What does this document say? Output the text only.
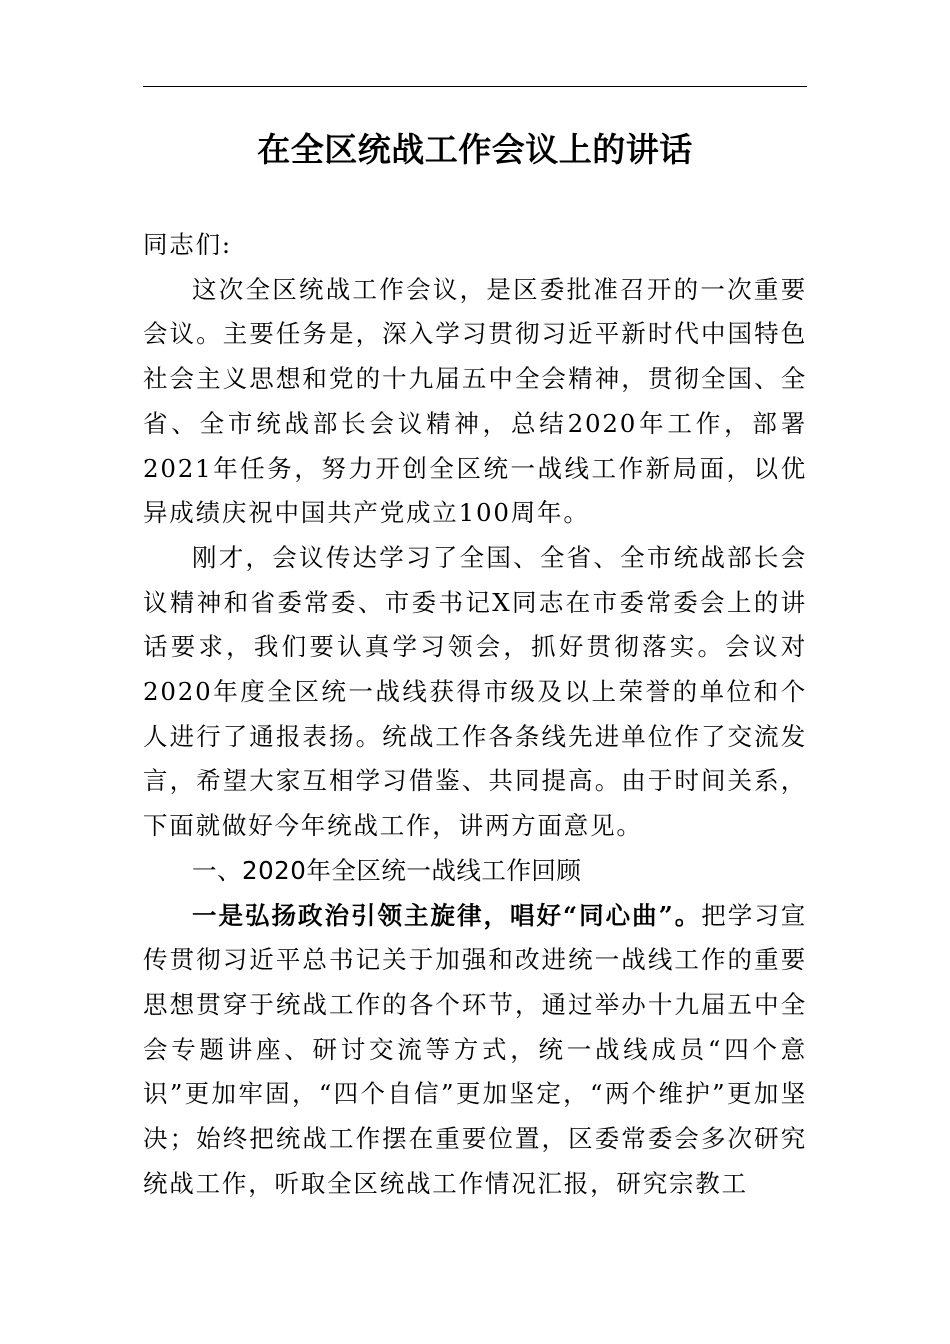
在全区统战工作会议上的讲话

同志们:

这次全区统战工作会议，是区委批准召开的一次重要会议。主要任务是，深入学习贯彻习近平新时代中国特色社会主义思想和党的十九届五中全会精神，贯彻全国、全省、全市统战部长会议精神，总结2020年工作，部署2021年任务，努力开创全区统一战线工作新局面，以优异成绩庆祝中国共产党成立100周年。

刚才，会议传达学习了全国、全省、全市统战部长会议精神和省委常委、市委书记X同志在市委常委会上的讲话要求，我们要认真学习领会，抓好贯彻落实。会议对2020年度全区统一战线获得市级及以上荣誉的单位和个人进行了通报表扬。统战工作各条线先进单位作了交流发言，希望大家互相学习借鉴、共同提高。由于时间关系，下面就做好今年统战工作，讲两方面意见。

一、2020年全区统一战线工作回顾

一是弘扬政治引领主旋律，唱好“同心曲”。把学习宣传贯彻习近平总书记关于加强和改进统一战线工作的重要思想贯穿于统战工作的各个环节，通过举办十九届五中全会专题讲座、研讨交流等方式，统一战线成员“四个意识”更加牢固，“四个自信”更加坚定，“两个维护”更加坚决；始终把统战工作摆在重要位置，区委常委会多次研究统战工作，听取全区统战工作情况汇报，研究宗教工
